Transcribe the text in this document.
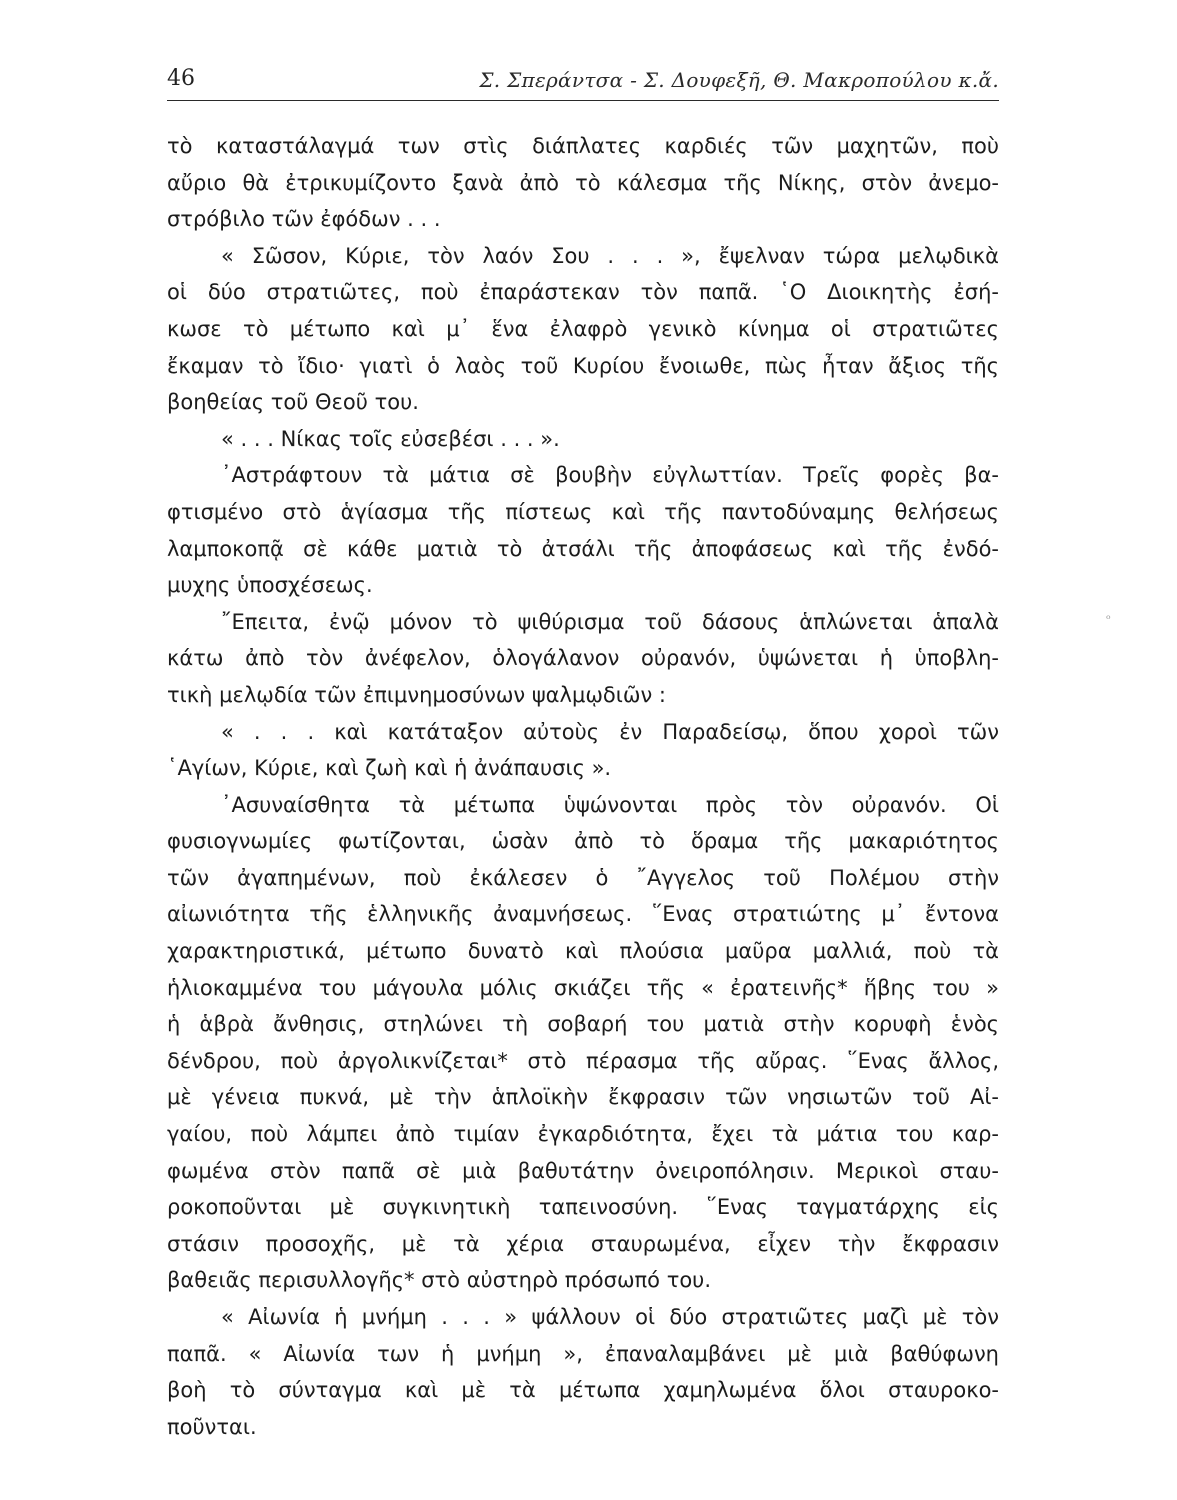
46	Σ. Σπεράντσα - Σ. Δουφεξῆ, Θ. Μακροπούλου κ.ἄ.
τὸ καταστάλαγμά των στὶς διάπλατες καρδιές τῶν μαχητῶν, ποὺ
αὔριο θὰ ἐτρικυμίζοντο ξανὰ ἀπὸ τὸ κάλεσμα τῆς Νίκης, στὸν ἀνεμο-
στρόβιλο τῶν ἐφόδων . . .
« Σῶσον, Κύριε, τὸν λαόν Σου . . . », ἔψελναν τώρα μελῳδικὰ
οἱ δύο στρατιῶτες, ποὺ ἐπαράστεκαν τὸν παπᾶ. ῾Ο Διοικητὴς ἐσή-
κωσε τὸ μέτωπο καὶ μ᾽ ἕνα ἐλαφρὸ γενικὸ κίνημα οἱ στρατιῶτες
ἔκαμαν τὸ ἴδιο· γιατὶ ὁ λαὸς τοῦ Κυρίου ἔνοιωθε, πὼς ἦταν ἄξιος τῆς
βοηθείας τοῦ Θεοῦ του.
« . . . Νίκας τοῖς εὐσεβέσι . . . ».
᾿Αστράφτουν τὰ μάτια σὲ βουβὴν εὐγλωττίαν. Τρεῖς φορὲς βα-
φτισμένο στὸ ἁγίασμα τῆς πίστεως καὶ τῆς παντοδύναμης θελήσεως
λαμποκοπᾷ σὲ κάθε ματιὰ τὸ ἀτσάλι τῆς ἀποφάσεως καὶ τῆς ἐνδό-
μυχης ὑποσχέσεως.
῎Επειτα, ἐνῷ μόνον τὸ ψιθύρισμα τοῦ δάσους ἁπλώνεται ἁπαλὰ
κάτω ἀπὸ τὸν ἀνέφελον, ὁλογάλανον οὐρανόν, ὑψώνεται ἡ ὑποβλη-
τικὴ μελῳδία τῶν ἐπιμνημοσύνων ψαλμῳδιῶν :
« . . . καὶ κατάταξον αὐτοὺς ἐν Παραδείσῳ, ὅπου χοροὶ τῶν
῾Αγίων, Κύριε, καὶ ζωὴ καὶ ἡ ἀνάπαυσις ».
᾿Ασυναίσθητα τὰ μέτωπα ὑψώνονται πρὸς τὸν οὐρανόν. Οἱ
φυσιογνωμίες φωτίζονται, ὡσὰν ἀπὸ τὸ ὅραμα τῆς μακαριότητος
τῶν ἀγαπημένων, ποὺ ἐκάλεσεν ὁ ῎Αγγελος τοῦ Πολέμου στὴν
αἰωνιότητα τῆς ἑλληνικῆς ἀναμνήσεως. ῞Ενας στρατιώτης μ᾽ ἔντονα
χαρακτηριστικά, μέτωπο δυνατὸ καὶ πλούσια μαῦρα μαλλιά, ποὺ τὰ
ἡλιοκαμμένα του μάγουλα μόλις σκιάζει τῆς « ἐρατεινῆς* ἥβης του »
ἡ ἁβρὰ ἄνθησις, στηλώνει τὴ σοβαρή του ματιὰ στὴν κορυφὴ ἑνὸς
δένδρου, ποὺ ἀργολικνίζεται* στὸ πέρασμα τῆς αὔρας. ῞Ενας ἄλλος,
μὲ γένεια πυκνά, μὲ τὴν ἁπλοϊκὴν ἔκφρασιν τῶν νησιωτῶν τοῦ Αἰ-
γαίου, ποὺ λάμπει ἀπὸ τιμίαν ἐγκαρδιότητα, ἔχει τὰ μάτια του καρ-
φωμένα στὸν παπᾶ σὲ μιὰ βαθυτάτην ὀνειροπόλησιν. Μερικοὶ σταυ-
ροκοποῦνται μὲ συγκινητικὴ ταπεινοσύνη. ῞Ενας ταγματάρχης εἰς
στάσιν προσοχῆς, μὲ τὰ χέρια σταυρωμένα, εἶχεν τὴν ἔκφρασιν
βαθειᾶς περισυλλογῆς* στὸ αὐστηρὸ πρόσωπό του.
« Αἰωνία ἡ μνήμη . . . » ψάλλουν οἱ δύο στρατιῶτες μαζὶ μὲ τὸν
παπᾶ. « Αἰωνία των ἡ μνήμη », ἐπαναλαμβάνει μὲ μιὰ βαθύφωνη
βοὴ τὸ σύνταγμα καὶ μὲ τὰ μέτωπα χαμηλωμένα ὅλοι σταυροκο-
ποῦνται.
ᵒ
